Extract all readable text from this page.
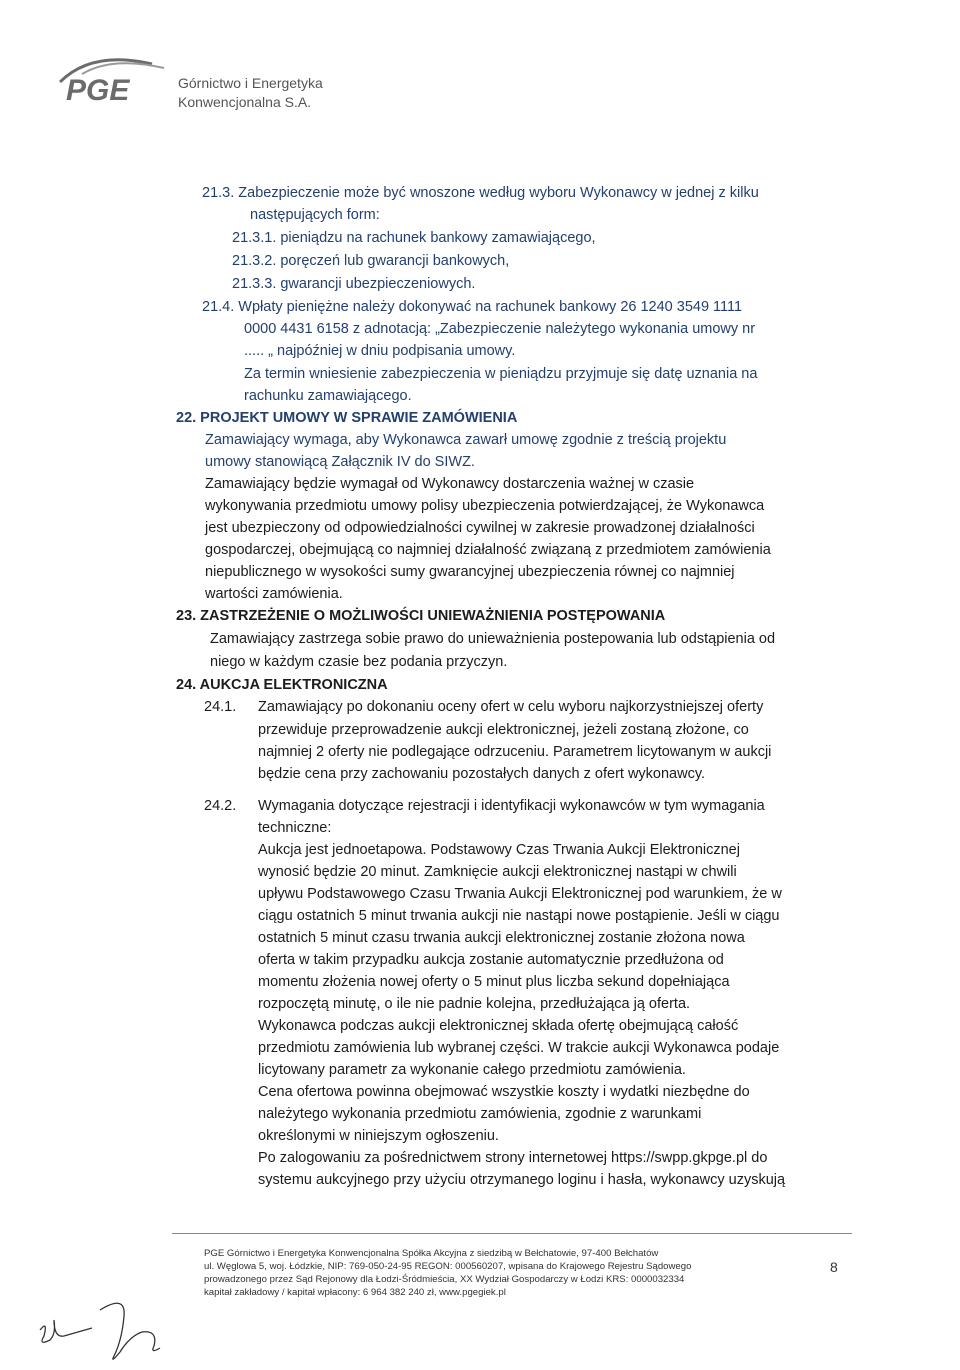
PGE	Górnictwo i Energetyka
Konwencjonalna S.A.
21.3. Zabezpieczenie może być wnoszone według wyboru Wykonawcy w jednej z kilku
następujących form:
21.3.1. pieniądzu na rachunek bankowy zamawiającego,
21.3.2. poręczeń lub gwarancji bankowych,
21.3.3. gwarancji ubezpieczeniowych.
21.4. Wpłaty pieniężne należy dokonywać na rachunek bankowy 26 1240 3549 1111
0000 4431 6158 z adnotacją: „Zabezpieczenie należytego wykonania umowy nr
..... „ najpóźniej w dniu podpisania umowy.
Za termin wniesienie zabezpieczenia w pieniądzu przyjmuje się datę uznania na
rachunku zamawiającego.
22. PROJEKT UMOWY W SPRAWIE ZAMÓWIENIA
Zamawiający wymaga, aby Wykonawca zawarł umowę zgodnie z treścią projektu
umowy stanowiącą Załącznik IV do SIWZ.
Zamawiający będzie wymagał od Wykonawcy dostarczenia ważnej w czasie
wykonywania przedmiotu umowy polisy ubezpieczenia potwierdzającej, że Wykonawca
jest ubezpieczony od odpowiedzialności cywilnej w zakresie prowadzonej działalności
gospodarczej, obejmującą co najmniej działalność związaną z przedmiotem zamówienia
niepublicznego w wysokości sumy gwarancyjnej ubezpieczenia równej co najmniej
wartości zamówienia.
23. ZASTRZEŻENIE O MOŻLIWOŚCI UNIEWAŻNIENIA POSTĘPOWANIA
Zamawiający zastrzega sobie prawo do unieważnienia postepowania lub odstąpienia od
niego w każdym czasie bez podania przyczyn.
24. AUKCJA ELEKTRONICZNA
24.1. Zamawiający po dokonaniu oceny ofert w celu wyboru najkorzystniejszej oferty
przewiduje przeprowadzenie aukcji elektronicznej, jeżeli zostaną złożone, co
najmniej 2 oferty nie podlegające odrzuceniu. Parametrem licytowanym w aukcji
będzie cena przy zachowaniu pozostałych danych z ofert wykonawcy.
24.2. Wymagania dotyczące rejestracji i identyfikacji wykonawców w tym wymagania
techniczne:
Aukcja jest jednoetapowa. Podstawowy Czas Trwania Aukcji Elektronicznej
wynosić będzie 20 minut. Zamknięcie aukcji elektronicznej nastąpi w chwili
upływu Podstawowego Czasu Trwania Aukcji Elektronicznej pod warunkiem, że w
ciągu ostatnich 5 minut trwania aukcji nie nastąpi nowe postąpienie. Jeśli w ciągu
ostatnich 5 minut czasu trwania aukcji elektronicznej zostanie złożona nowa
oferta w takim przypadku aukcja zostanie automatycznie przedłużona od
momentu złożenia nowej oferty o 5 minut plus liczba sekund dopełniająca
rozpoczętą minutę, o ile nie padnie kolejna, przedłużająca ją oferta.
Wykonawca podczas aukcji elektronicznej składa ofertę obejmującą całość
przedmiotu zamówienia lub wybranej części. W trakcie aukcji Wykonawca podaje
licytowany parametr za wykonanie całego przedmiotu zamówienia.
Cena ofertowa powinna obejmować wszystkie koszty i wydatki niezbędne do
należytego wykonania przedmiotu zamówienia, zgodnie z warunkami
określonymi w niniejszym ogłoszeniu.
Po zalogowaniu za pośrednictwem strony internetowej https://swpp.gkpge.pl do
systemu aukcyjnego przy użyciu otrzymanego loginu i hasła, wykonawcy uzyskują
PGE Górnictwo i Energetyka Konwencjonalna Spółka Akcyjna z siedzibą w Bełchatowie, 97-400 Bełchatów
ul. Węglowa 5, woj. Łódzkie, NIP: 769-050-24-95 REGON: 000560207, wpisana do Krajowego Rejestru Sądowego
prowadzonego przez Sąd Rejonowy dla Łodzi-Śródmieścia, XX Wydział Gospodarczy w Łodzi KRS: 0000032334
kapitał zakładowy / kapitał wpłacony: 6 964 382 240 zł, www.pgegiek.pl
8
